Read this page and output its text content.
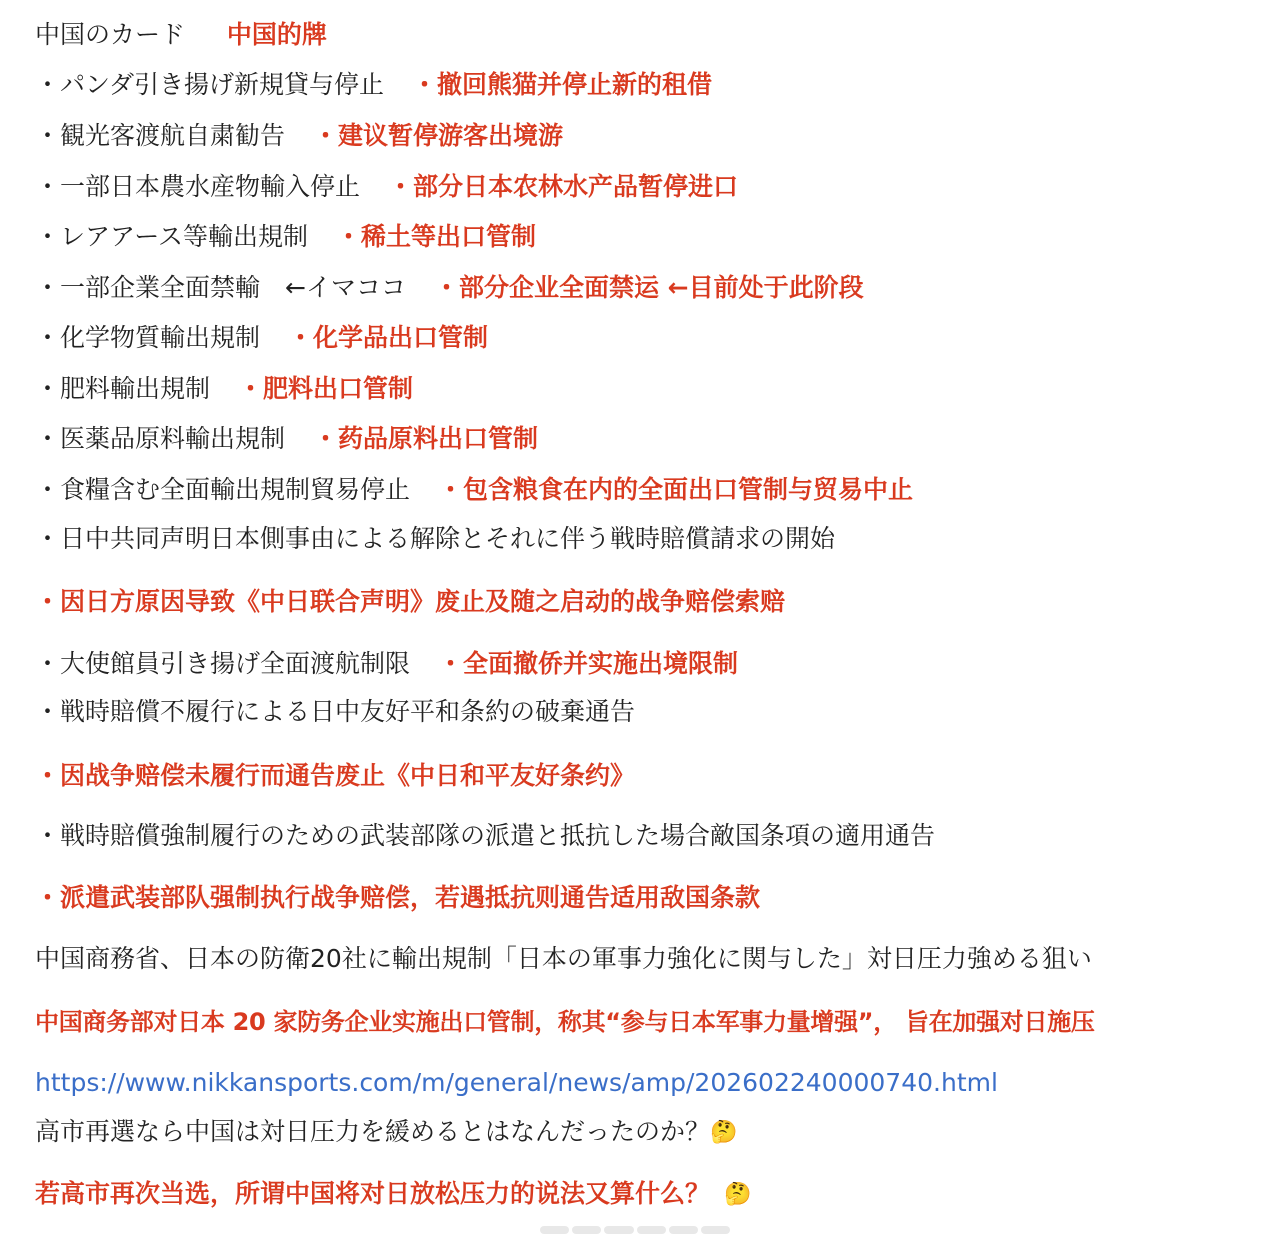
中国のカード 中国的牌
・パンダ引き揚げ新規貸与停止 ・撤回熊猫并停止新的租借
・観光客渡航自粛勧告 ・建议暂停游客出境游
・一部日本農水産物輸入停止 ・部分日本农林水产品暂停进口
・レアアース等輸出規制 ・稀土等出口管制
・一部企業全面禁輸　←イマココ ・部分企业全面禁运 ←目前处于此阶段
・化学物質輸出規制 ・化学品出口管制
・肥料輸出規制 ・肥料出口管制
・医薬品原料輸出規制 ・药品原料出口管制
・食糧含む全面輸出規制貿易停止 ・包含粮食在内的全面出口管制与贸易中止
・日中共同声明日本側事由による解除とそれに伴う戦時賠償請求の開始
・因日方原因导致《中日联合声明》废止及随之启动的战争赔偿索赔
・大使館員引き揚げ全面渡航制限 ・全面撤侨并实施出境限制
・戦時賠償不履行による日中友好平和条約の破棄通告
・因战争赔偿未履行而通告废止《中日和平友好条约》
・戦時賠償強制履行のための武装部隊の派遣と抵抗した場合敵国条項の適用通告
・派遣武装部队强制执行战争赔偿，若遇抵抗则通告适用敌国条款
中国商務省、日本の防衛20社に輸出規制「日本の軍事力強化に関与した」対日圧力強める狙い
中国商务部对日本 20 家防务企业实施出口管制，称其“参与日本军事力量增强”， 旨在加强对日施压
https://www.nikkansports.com/m/general/news/amp/202602240000740.html
高市再選なら中国は対日圧力を緩めるとはなんだったのか？🤔
若高市再次当选，所谓中国将对日放松压力的说法又算什么？ 🤔
